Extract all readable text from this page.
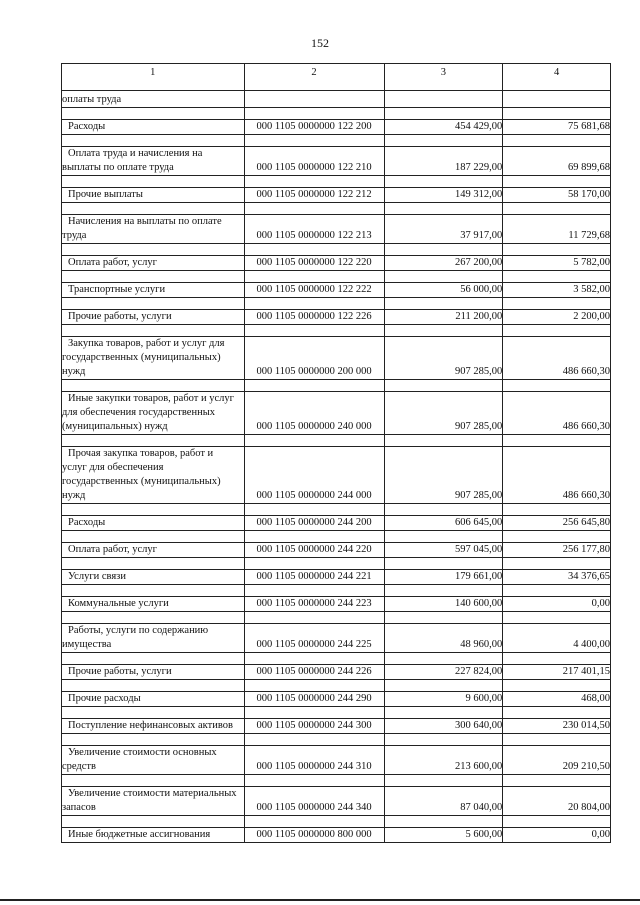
152
1	2	3	4
оплаты труда			

Расходы	000 1105 0000000 122 200	454 429,00	75 681,68

Оплата труда и начисления на
выплаты по оплате труда	000 1105 0000000 122 210	187 229,00	69 899,68

Прочие выплаты	000 1105 0000000 122 212	149 312,00	58 170,00

Начисления на выплаты по оплате
труда	000 1105 0000000 122 213	37 917,00	11 729,68

Оплата работ, услуг	000 1105 0000000 122 220	267 200,00	5 782,00

Транспортные услуги	000 1105 0000000 122 222	56 000,00	3 582,00

Прочие работы, услуги	000 1105 0000000 122 226	211 200,00	2 200,00

Закупка товаров, работ и услуг для
государственных (муниципальных)
нужд	000 1105 0000000 200 000	907 285,00	486 660,30

Иные закупки товаров, работ и услуг
для обеспечения государственных
(муниципальных) нужд	000 1105 0000000 240 000	907 285,00	486 660,30

Прочая закупка товаров, работ и
услуг для обеспечения
государственных (муниципальных)
нужд	000 1105 0000000 244 000	907 285,00	486 660,30

Расходы	000 1105 0000000 244 200	606 645,00	256 645,80

Оплата работ, услуг	000 1105 0000000 244 220	597 045,00	256 177,80

Услуги связи	000 1105 0000000 244 221	179 661,00	34 376,65

Коммунальные услуги	000 1105 0000000 244 223	140 600,00	0,00

Работы, услуги по содержанию
имущества	000 1105 0000000 244 225	48 960,00	4 400,00

Прочие работы, услуги	000 1105 0000000 244 226	227 824,00	217 401,15

Прочие расходы	000 1105 0000000 244 290	9 600,00	468,00

Поступление нефинансовых активов	000 1105 0000000 244 300	300 640,00	230 014,50

Увеличение стоимости основных
средств	000 1105 0000000 244 310	213 600,00	209 210,50

Увеличение стоимости материальных
запасов	000 1105 0000000 244 340	87 040,00	20 804,00

Иные бюджетные ассигнования	000 1105 0000000 800 000	5 600,00	0,00
